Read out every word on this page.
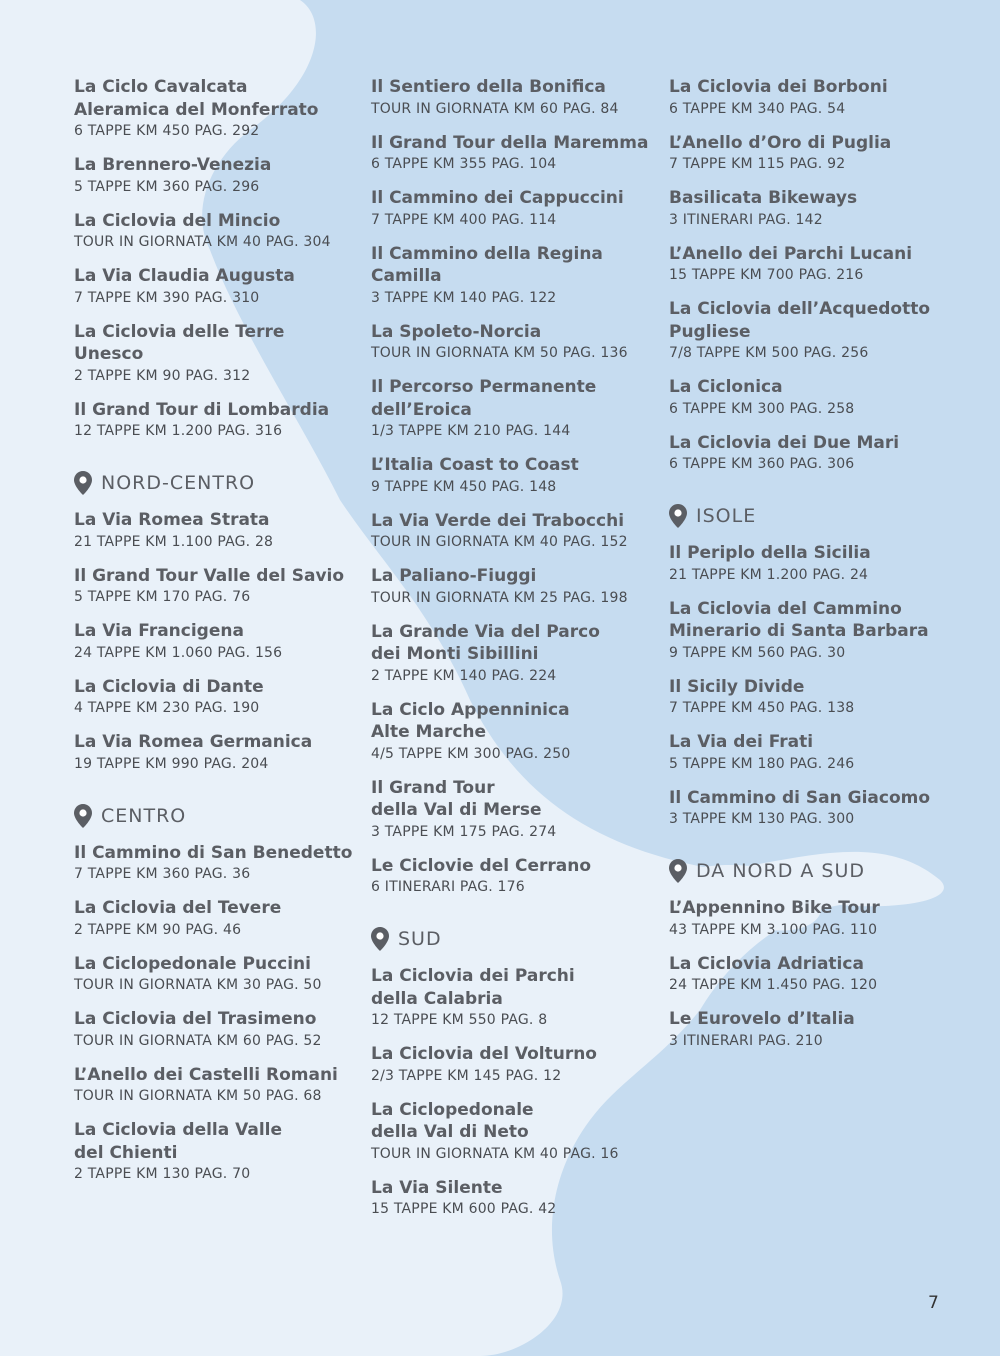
La Ciclo Cavalcata
Aleramica del Monferrato
6 TAPPE KM 450 PAG. 292
La Brennero-Venezia
5 TAPPE KM 360 PAG. 296
La Ciclovia del Mincio
TOUR IN GIORNATA KM 40 PAG. 304
La Via Claudia Augusta
7 TAPPE KM 390 PAG. 310
La Ciclovia delle Terre
Unesco
2 TAPPE KM 90 PAG. 312
Il Grand Tour di Lombardia
12 TAPPE KM 1.200 PAG. 316
NORD-CENTRO
La Via Romea Strata
21 TAPPE KM 1.100 PAG. 28
Il Grand Tour Valle del Savio
5 TAPPE KM 170 PAG. 76
La Via Francigena
24 TAPPE KM 1.060 PAG. 156
La Ciclovia di Dante
4 TAPPE KM 230 PAG. 190
La Via Romea Germanica
19 TAPPE KM 990 PAG. 204
CENTRO
Il Cammino di San Benedetto
7 TAPPE KM 360 PAG. 36
La Ciclovia del Tevere
2 TAPPE KM 90 PAG. 46
La Ciclopedonale Puccini
TOUR IN GIORNATA KM 30 PAG. 50
La Ciclovia del Trasimeno
TOUR IN GIORNATA KM 60 PAG. 52
L’Anello dei Castelli Romani
TOUR IN GIORNATA KM 50 PAG. 68
La Ciclovia della Valle
del Chienti
2 TAPPE KM 130 PAG. 70
Il Sentiero della Bonifica
TOUR IN GIORNATA KM 60 PAG. 84
Il Grand Tour della Maremma
6 TAPPE KM 355 PAG. 104
Il Cammino dei Cappuccini
7 TAPPE KM 400 PAG. 114
Il Cammino della Regina
Camilla
3 TAPPE KM 140 PAG. 122
La Spoleto-Norcia
TOUR IN GIORNATA KM 50 PAG. 136
Il Percorso Permanente
dell’Eroica
1/3 TAPPE KM 210 PAG. 144
L’Italia Coast to Coast
9 TAPPE KM 450 PAG. 148
La Via Verde dei Trabocchi
TOUR IN GIORNATA KM 40 PAG. 152
La Paliano-Fiuggi
TOUR IN GIORNATA KM 25 PAG. 198
La Grande Via del Parco
dei Monti Sibillini
2 TAPPE KM 140 PAG. 224
La Ciclo Appenninica
Alte Marche
4/5 TAPPE KM 300 PAG. 250
Il Grand Tour
della Val di Merse
3 TAPPE KM 175 PAG. 274
Le Ciclovie del Cerrano
6 ITINERARI PAG. 176
SUD
La Ciclovia dei Parchi
della Calabria
12 TAPPE KM 550 PAG. 8
La Ciclovia del Volturno
2/3 TAPPE KM 145 PAG. 12
La Ciclopedonale
della Val di Neto
TOUR IN GIORNATA KM 40 PAG. 16
La Via Silente
15 TAPPE KM 600 PAG. 42
La Ciclovia dei Borboni
6 TAPPE KM 340 PAG. 54
L’Anello d’Oro di Puglia
7 TAPPE KM 115 PAG. 92
Basilicata Bikeways
3 ITINERARI PAG. 142
L’Anello dei Parchi Lucani
15 TAPPE KM 700 PAG. 216
La Ciclovia dell’Acquedotto
Pugliese
7/8 TAPPE KM 500 PAG. 256
La Ciclonica
6 TAPPE KM 300 PAG. 258
La Ciclovia dei Due Mari
6 TAPPE KM 360 PAG. 306
ISOLE
Il Periplo della Sicilia
21 TAPPE KM 1.200 PAG. 24
La Ciclovia del Cammino
Minerario di Santa Barbara
9 TAPPE KM 560 PAG. 30
Il Sicily Divide
7 TAPPE KM 450 PAG. 138
La Via dei Frati
5 TAPPE KM 180 PAG. 246
Il Cammino di San Giacomo
3 TAPPE KM 130 PAG. 300
DA NORD A SUD
L’Appennino Bike Tour
43 TAPPE KM 3.100 PAG. 110
La Ciclovia Adriatica
24 TAPPE KM 1.450 PAG. 120
Le Eurovelo d’Italia
3 ITINERARI PAG. 210
7
